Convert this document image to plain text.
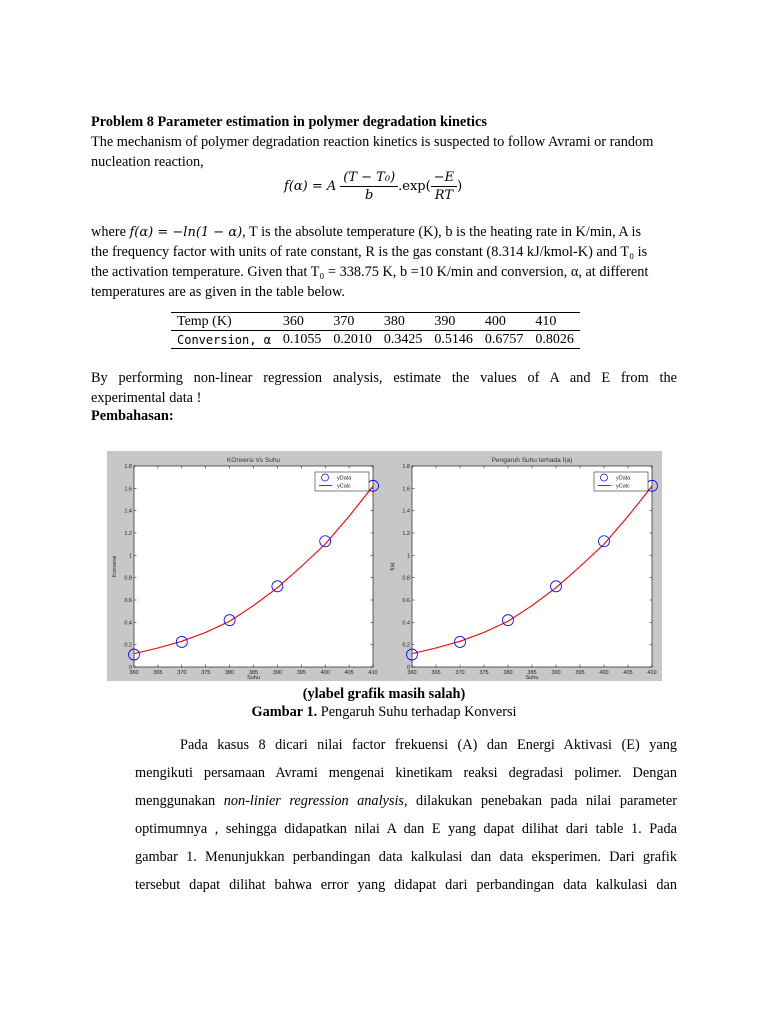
Problem 8 Parameter estimation in polymer degradation kinetics
The mechanism of polymer degradation reaction kinetics is suspected to follow Avrami or random
nucleation reaction,
f(α) = A $\frac{\text{(T − T₀)}}{b} .\exp( \frac{-E}{RT}$ )
where f(α) = −ln(1 − α), T is the absolute temperature (K), b is the heating rate in K/min, A is
the frequency factor with units of rate constant, R is the gas constant (8.314 kJ/kmol-K) and T₀ is
the activation temperature. Given that T₀ = 338.75 K, b =10 K/min and conversion, α, at different
temperatures are as given in the table below.
Temp (K)	360	370	380	390	400	410
Conversion, α	0.1055	0.2010	0.3425	0.5146	0.6757	0.8026
By performing non-linear regression analysis, estimate the values of A and E from the
experimental data !
Pembahasan:
KOnversi Vs Suhu
360	365	370	375	380	385	390	395	400	405	410
0
0.2
0.4
0.6
0.8
1
1.2
1.4
1.6
1.8
Suhu
Konversi
yData
yCalc
Pengaruh Suhu terhada f(a)
360	365	370	375	380	385	390	395	400	405	410
0
0.2
0.4
0.6
0.8
1
1.2
1.4
1.6
1.8
Suhu
f(a)
yData
yCalc
(ylabel grafik masih salah)
Gambar 1. Pengaruh Suhu terhadap Konversi
Pada kasus 8 dicari nilai factor frekuensi (A) dan Energi Aktivasi (E) yang
mengikuti persamaan Avrami mengenai kinetikam reaksi degradasi polimer. Dengan
menggunakan non-linier regression analysis, dilakukan penebakan pada nilai parameter
optimumnya , sehingga didapatkan nilai A dan E yang dapat dilihat dari table 1. Pada
gambar 1. Menunjukkan perbandingan data kalkulasi dan data eksperimen. Dari grafik
tersebut dapat dilihat bahwa error yang didapat dari perbandingan data kalkulasi dan
